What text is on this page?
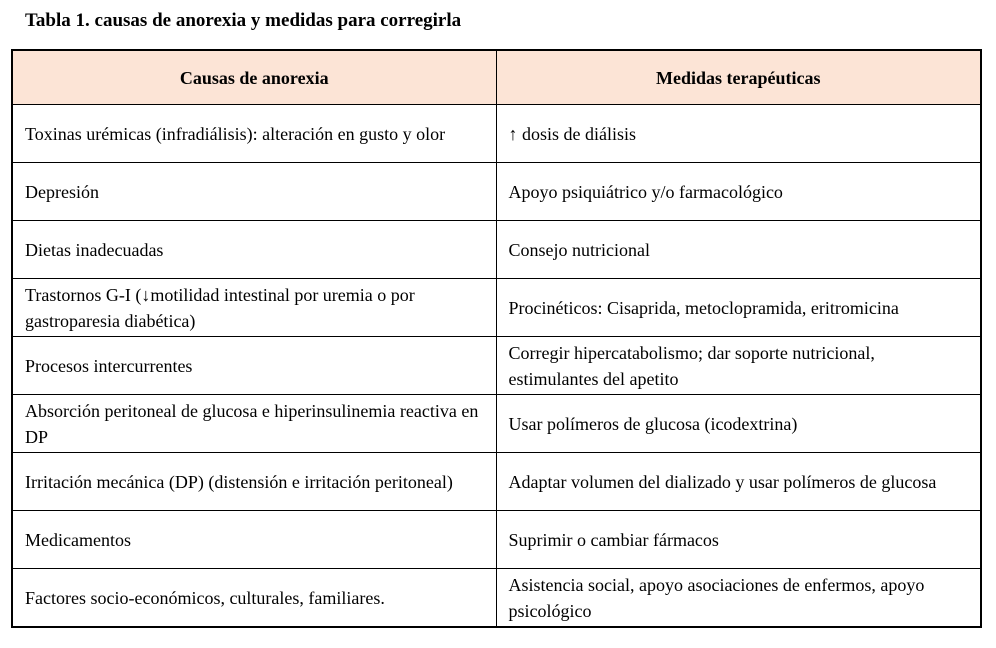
Tabla 1. causas de anorexia y medidas para corregirla
Causas de anorexia	Medidas terapéuticas
Toxinas urémicas (infradiálisis): alteración en gusto y olor	↑ dosis de diálisis
Depresión	Apoyo psiquiátrico y/o farmacológico
Dietas inadecuadas	Consejo nutricional
Trastornos G-I (↓motilidad intestinal por uremia o por gastroparesia diabética)	Procinéticos: Cisaprida, metoclopramida, eritromicina
Procesos intercurrentes	Corregir hipercatabolismo; dar soporte nutricional, estimulantes del apetito
Absorción peritoneal de glucosa e hiperinsulinemia reactiva en DP	Usar polímeros de glucosa (icodextrina)
Irritación mecánica (DP) (distensión e irritación peritoneal)	Adaptar volumen del dializado y usar polímeros de glucosa
Medicamentos	Suprimir o cambiar fármacos
Factores socio-económicos, culturales, familiares.	Asistencia social, apoyo asociaciones de enfermos, apoyo psicológico
